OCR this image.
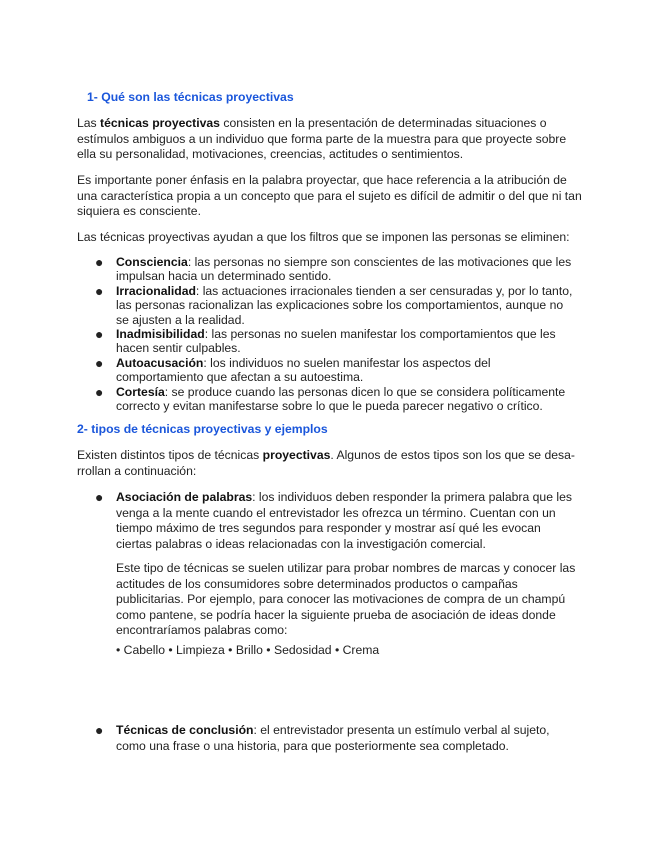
1- Qué son las técnicas proyectivas

Las técnicas proyectivas consisten en la presentación de determinadas situaciones o estímulos ambiguos a un individuo que forma parte de la muestra para que proyecte sobre ella su personalidad, motivaciones, creencias, actitudes o sentimientos.

Es importante poner énfasis en la palabra proyectar, que hace referencia a la atribución de una característica propia a un concepto que para el sujeto es difícil de admitir o del que ni tan siquiera es consciente.

Las técnicas proyectivas ayudan a que los filtros que se imponen las personas se eliminen:

● Consciencia: las personas no siempre son conscientes de las motivaciones que les impulsan hacia un determinado sentido.
● Irracionalidad: las actuaciones irracionales tienden a ser censuradas y, por lo tanto, las personas racionalizan las explicaciones sobre los comportamientos, aunque no se ajusten a la realidad.
● Inadmisibilidad: las personas no suelen manifestar los comportamientos que les hacen sentir culpables.
● Autoacusación: los individuos no suelen manifestar los aspectos del comportamiento que afectan a su autoestima.
● Cortesía: se produce cuando las personas dicen lo que se considera políticamente correcto y evitan manifestarse sobre lo que le pueda parecer negativo o crítico.
2- tipos de técnicas proyectivas y ejemplos

Existen distintos tipos de técnicas proyectivas. Algunos de estos tipos son los que se desa-rrollan a continuación:

● Asociación de palabras: los individuos deben responder la primera palabra que les venga a la mente cuando el entrevistador les ofrezca un término. Cuentan con un tiempo máximo de tres segundos para responder y mostrar así qué les evocan ciertas palabras o ideas relacionadas con la investigación comercial.

Este tipo de técnicas se suelen utilizar para probar nombres de marcas y conocer las actitudes de los consumidores sobre determinados productos o campañas publicitarias. Por ejemplo, para conocer las motivaciones de compra de un champú como pantene, se podría hacer la siguiente prueba de asociación de ideas donde encontraríamos palabras como:

• Cabello • Limpieza • Brillo • Sedosidad • Crema

● Técnicas de conclusión: el entrevistador presenta un estímulo verbal al sujeto, como una frase o una historia, para que posteriormente sea completado.
